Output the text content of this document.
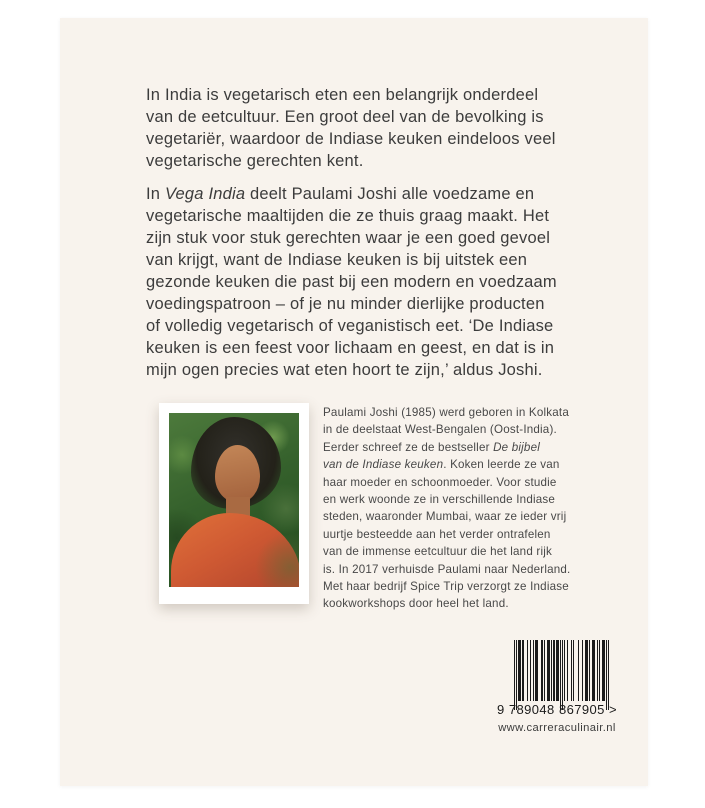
In India is vegetarisch eten een belangrijk onderdeel
van de eetcultuur. Een groot deel van de bevolking is
vegetariër, waardoor de Indiase keuken eindeloos veel
vegetarische gerechten kent.

In Vega India deelt Paulami Joshi alle voedzame en
vegetarische maaltijden die ze thuis graag maakt. Het
zijn stuk voor stuk gerechten waar je een goed gevoel
van krijgt, want de Indiase keuken is bij uitstek een
gezonde keuken die past bij een modern en voedzaam
voedingspatroon – of je nu minder dierlijke producten
of volledig vegetarisch of veganistisch eet. ‘De Indiase
keuken is een feest voor lichaam en geest, en dat is in
mijn ogen precies wat eten hoort te zijn,’ aldus Joshi.

Paulami Joshi (1985) werd geboren in Kolkata
in de deelstaat West-Bengalen (Oost-India).
Eerder schreef ze de bestseller De bijbel
van de Indiase keuken. Koken leerde ze van
haar moeder en schoonmoeder. Voor studie
en werk woonde ze in verschillende Indiase
steden, waaronder Mumbai, waar ze ieder vrij
uurtje besteedde aan het verder ontrafelen
van de immense eetcultuur die het land rijk
is. In 2017 verhuisde Paulami naar Nederland.
Met haar bedrijf Spice Trip verzorgt ze Indiase
kookworkshops door heel het land.

9 789048 867905 >
www.carreraculinair.nl
